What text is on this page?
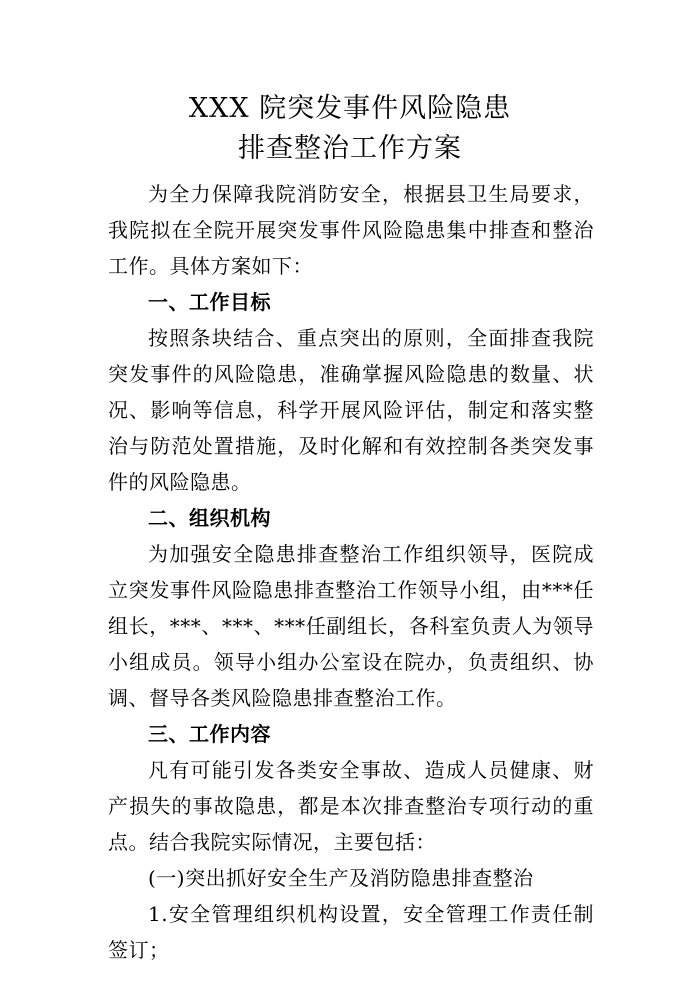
XXX 院突发事件风险隐患
排查整治工作方案

为全力保障我院消防安全，根据县卫生局要求，我院拟在全院开展突发事件风险隐患集中排查和整治工作。具体方案如下：

一、工作目标

按照条块结合、重点突出的原则，全面排查我院突发事件的风险隐患，准确掌握风险隐患的数量、状况、影响等信息，科学开展风险评估，制定和落实整治与防范处置措施，及时化解和有效控制各类突发事件的风险隐患。

二、组织机构

为加强安全隐患排查整治工作组织领导，医院成立突发事件风险隐患排查整治工作领导小组，由***任组长，***、***、***任副组长，各科室负责人为领导小组成员。领导小组办公室设在院办，负责组织、协调、督导各类风险隐患排查整治工作。

三、工作内容

凡有可能引发各类安全事故、造成人员健康、财产损失的事故隐患，都是本次排查整治专项行动的重点。结合我院实际情况，主要包括：

(一)突出抓好安全生产及消防隐患排查整治

1.安全管理组织机构设置，安全管理工作责任制签订；
